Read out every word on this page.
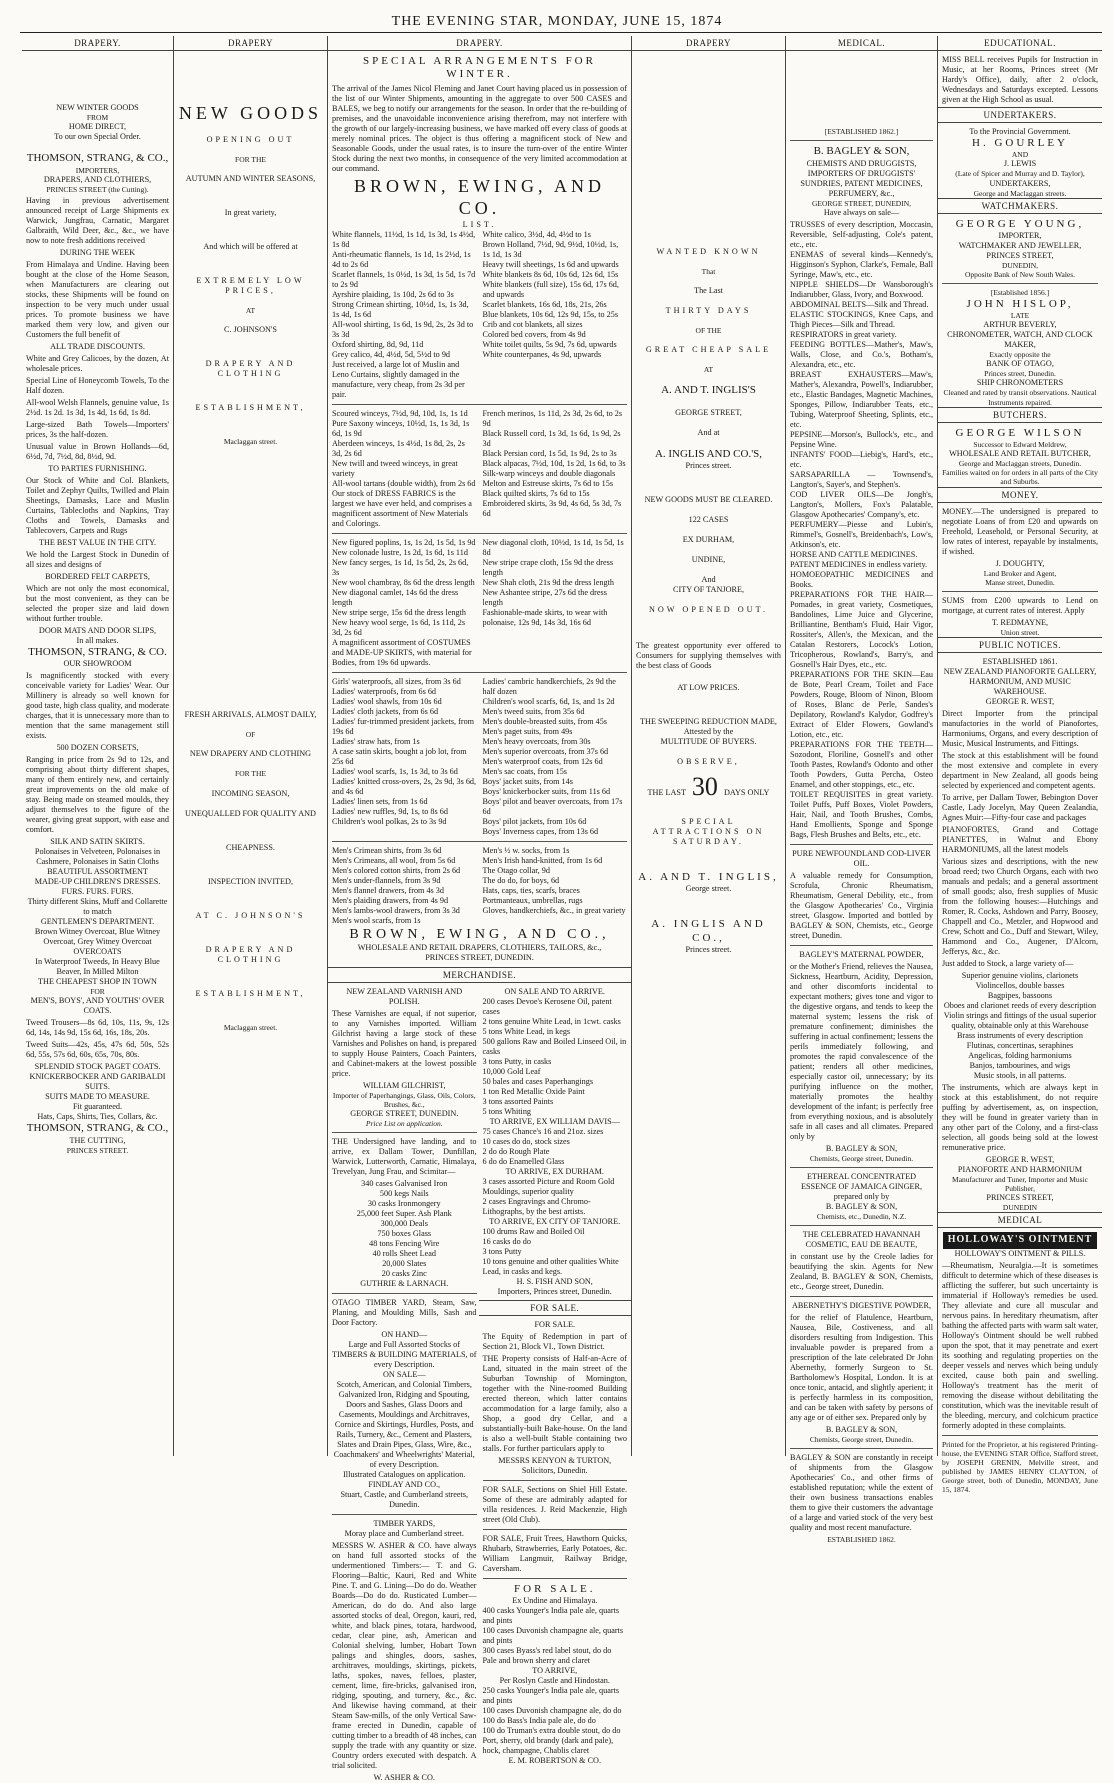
THE EVENING STAR, MONDAY, JUNE 15, 1874
DRAPERY.
NEW WINTER GOODS
FROM
HOME DIRECT,
To our own Special Order.
THOMSON, STRANG, & CO.,
IMPORTERS,
DRAPERS, AND CLOTHIERS,
PRINCES STREET (the Cutting).
Having in previous advertisement announced receipt of Large Shipments ex Warwick, Jungfrau, Carnatic, Margaret Galbraith, Wild Deer, &c., &c., we have now to note fresh additions received
DURING THE WEEK
From Himalaya and Undine. Having been bought at the close of the Home Season, when Manufacturers are clearing out stocks, these Shipments will be found on inspection to be very much under usual prices. To promote business we have marked them very low, and given our Customers the full benefit of
ALL TRADE DISCOUNTS.
White and Grey Calicoes, by the dozen, At wholesale prices.
Special Line of Honeycomb Towels, To the Half dozen.
All-wool Welsh Flannels, genuine value, 1s 2½d. 1s 2d. 1s 3d, 1s 4d, 1s 6d, 1s 8d.
Large-sized Bath Towels—Importers' prices, 3s the half-dozen.
Unusual value in Brown Hollands—6d, 6½d, 7d, 7½d, 8d, 8½d, 9d.
TO PARTIES FURNISHING.
Our Stock of White and Col. Blankets, Toilet and Zephyr Quilts, Twilled and Plain Sheetings, Damasks, Lace and Muslin Curtains, Tablecloths and Napkins, Tray Cloths and Towels, Damasks and Tablecovers, Carpets and Rugs
THE BEST VALUE IN THE CITY.
We hold the Largest Stock in Dunedin of all sizes and designs of
BORDERED FELT CARPETS,
Which are not only the most economical, but the most convenient, as they can be selected the proper size and laid down without further trouble.
DOOR MATS AND DOOR SLIPS,
In all makes.
THOMSON, STRANG, & CO.
OUR SHOWROOM
Is magnificently stocked with every conceivable variety for Ladies' Wear. Our Millinery is already so well known for good taste, high class quality, and moderate charges, that it is unnecessary more than to mention that the same management still exists.
500 DOZEN CORSETS,
Ranging in price from 2s 9d to 12s, and comprising about thirty different shapes, many of them entirely new, and certainly great improvements on the old make of stay. Being made on steamed moulds, they adjust themselves to the figure of the wearer, giving great support, with ease and comfort.
SILK AND SATIN SKIRTS.
Polonaises in Velveteen, Polonaises in Cashmere, Polonaises in Satin Cloths
BEAUTIFUL ASSORTMENT
MADE-UP CHILDREN'S DRESSES.
FURS. FURS. FURS.
Thirty different Skins, Muff and Collarette to match
GENTLEMEN'S DEPARTMENT.
Brown Witney Overcoat, Blue Witney Overcoat, Grey Witney Overcoat
OVERCOATS
In Waterproof Tweeds, In Heavy Blue Beaver, In Milled Milton
THE CHEAPEST SHOP IN TOWN
FOR
MEN'S, BOYS', AND YOUTHS' OVER COATS.
Tweed Trousers—8s 6d, 10s, 11s, 9s, 12s 6d, 14s, 14s 9d, 15s 6d, 16s, 18s, 20s.
Tweed Suits—42s, 45s, 47s 6d, 50s, 52s 6d, 55s, 57s 6d, 60s, 65s, 70s, 80s.
SPLENDID STOCK PAGET COATS.
KNICKERBOCKER AND GARIBALDI SUITS.
SUITS MADE TO MEASURE.
Fit guaranteed.
Hats, Caps, Shirts, Ties, Collars, &c.
THOMSON, STRANG, & CO.,
THE CUTTING,
PRINCES STREET.
DRAPERY
NEW GOODS
OPENING OUT
FOR THE
AUTUMN AND WINTER SEASONS,
In great variety,
And which will be offered at
EXTREMELY LOW PRICES,
AT
C. JOHNSON'S
DRAPERY AND CLOTHING
ESTABLISHMENT,
Maclaggan street.
FRESH ARRIVALS, ALMOST DAILY,
OF
NEW DRAPERY AND CLOTHING
FOR THE
INCOMING SEASON,
UNEQUALLED FOR QUALITY AND
CHEAPNESS.
INSPECTION INVITED,
AT C. JOHNSON'S
DRAPERY AND CLOTHING
ESTABLISHMENT,
Maclaggan street.
DRAPERY.
SPECIAL ARRANGEMENTS FOR WINTER.
The arrival of the James Nicol Fleming and Janet Court having placed us in possession of the list of our Winter Shipments, amounting in the aggregate to over 500 CASES and BALES, we beg to notify our arrangements for the season. In order that the re-building of premises, and the unavoidable inconvenience arising therefrom, may not interfere with the growth of our largely-increasing business, we have marked off every class of goods at merely nominal prices. The object is thus offering a magnificent stock of New and Seasonable Goods, under the usual rates, is to insure the turn-over of the entire Winter Stock during the next two months, in consequence of the very limited accommodation at our command.
BROWN, EWING, AND CO.
LIST.
White flannels, 11½d, 1s 1d, 1s 3d, 1s 4½d, 1s 8d
Anti-rheumatic flannels, 1s 1d, 1s 2½d, 1s 4d to 2s 6d
Scarlet flannels, 1s 0½d, 1s 3d, 1s 5d, 1s 7d to 2s 9d
Ayrshire plaiding, 1s 10d, 2s 6d to 3s
Strong Crimean shirting, 10½d, 1s, 1s 3d, 1s 4d, 1s 6d
All-wool shirting, 1s 6d, 1s 9d, 2s, 2s 3d to 3s 3d
Oxford shirting, 8d, 9d, 11d
Grey calico, 4d, 4½d, 5d, 5½d to 9d
Just received, a large lot of Muslin and Leno Curtains, slightly damaged in the manufacture, very cheap, from 2s 3d per pair.
White calico, 3½d, 4d, 4½d to 1s
Brown Holland, 7½d, 9d, 9½d, 10½d, 1s, 1s 1d, 1s 3d
Heavy twill sheetings, 1s 6d and upwards
White blankets 8s 6d, 10s 6d, 12s 6d, 15s
White blankets (full size), 15s 6d, 17s 6d, and upwards
Scarlet blankets, 16s 6d, 18s, 21s, 26s
Blue blankets, 10s 6d, 12s 9d, 15s, to 25s
Crib and cot blankets, all sizes
Colored bed covers, from 4s 9d
White toilet quilts, 5s 9d, 7s 6d, upwards
White counterpanes, 4s 9d, upwards
Scoured winceys, 7½d, 9d, 10d, 1s, 1s 1d
Pure Saxony winceys, 10½d, 1s, 1s 3d, 1s 6d, 1s 9d
Aberdeen winceys, 1s 4½d, 1s 8d, 2s, 2s 3d, 2s 6d
New twill and tweed winceys, in great variety
All-wool tartans (double width), from 2s 6d
Our stock of DRESS FABRICS is the largest we have ever held, and comprises a magnificent assortment of New Materials and Colorings.
French merinos, 1s 11d, 2s 3d, 2s 6d, to 2s 9d
Black Russell cord, 1s 3d, 1s 6d, 1s 9d, 2s 3d
Black Persian cord, 1s 5d, 1s 9d, 2s to 3s
Black alpacas, 7½d, 10d, 1s 2d, 1s 6d, to 3s
Silk-warp winceys and double diagonals
Melton and Estreuse skirts, 7s 6d to 15s
Black quilted skirts, 7s 6d to 15s
Embroidered skirts, 3s 9d, 4s 6d, 5s 3d, 7s 6d
New figured poplins, 1s, 1s 2d, 1s 5d, 1s 9d
New colonade lustre, 1s 2d, 1s 6d, 1s 11d
New fancy serges, 1s 1d, 1s 5d, 2s, 2s 6d, 3s
New wool chambray, 8s 6d the dress length
New diagonal camlet, 14s 6d the dress length
New stripe serge, 15s 6d the dress length
New heavy wool serge, 1s 6d, 1s 11d, 2s 3d, 2s 6d
A magnificent assortment of COSTUMES and MADE-UP SKIRTS, with material for Bodies, from 19s 6d upwards.
New diagonal cloth, 10½d, 1s 1d, 1s 5d, 1s 8d
New stripe crape cloth, 15s 9d the dress length
New Shah cloth, 21s 9d the dress length
New Ashantee stripe, 27s 6d the dress length
Fashionable-made skirts, to wear with polonaise, 12s 9d, 14s 3d, 16s 6d
Girls' waterproofs, all sizes, from 3s 6d
Ladies' waterproofs, from 6s 6d
Ladies' wool shawls, from 10s 6d
Ladies' cloth jackets, from 6s 6d
Ladies' fur-trimmed president jackets, from 19s 6d
Ladies' straw hats, from 1s
A case satin skirts, bought a job lot, from 25s 6d
Ladies' wool scarfs, 1s, 1s 3d, to 3s 6d
Ladies' knitted cross-overs, 2s, 2s 9d, 3s 6d, and 4s 6d
Ladies' linen sets, from 1s 6d
Ladies' new ruffles, 9d, 1s, to 8s 6d
Children's wool polkas, 2s to 3s 9d
Ladies' cambric handkerchiefs, 2s 9d the half dozen
Children's wool scarfs, 6d, 1s, and 1s 2d
Men's tweed suits, from 35s 6d
Men's double-breasted suits, from 45s
Men's paget suits, from 49s
Men's heavy overcoats, from 30s
Men's superior overcoats, from 37s 6d
Men's waterproof coats, from 12s 6d
Men's sac coats, from 15s
Boys' jacket suits, from 14s
Boys' knickerbocker suits, from 11s 6d
Boys' pilot and beaver overcoats, from 17s 6d
Boys' pilot jackets, from 10s 6d
Boys' Inverness capes, from 13s 6d
Men's Crimean shirts, from 3s 6d
Men's Crimeans, all wool, from 5s 6d
Men's colored cotton shirts, from 2s 6d
Men's under-flannels, from 3s 9d
Men's flannel drawers, from 4s 3d
Men's plaiding drawers, from 4s 9d
Men's lambs-wool drawers, from 3s 3d
Men's wool scarfs, from 1s
Men's ½ w. socks, from 1s
Men's Irish hand-knitted, from 1s 6d
The Otago collar, 9d
The do do, for boys, 6d
Hats, caps, ties, scarfs, braces
Portmanteaux, umbrellas, rugs
Gloves, handkerchiefs, &c., in great variety
BROWN, EWING, AND CO.,
WHOLESALE AND RETAIL DRAPERS, CLOTHIERS, TAILORS, &c.,
PRINCES STREET, DUNEDIN.
MERCHANDISE.
NEW ZEALAND VARNISH AND POLISH.
These Varnishes are equal, if not superior, to any Varnishes imported. William Gilchrist having a large stock of these Varnishes and Polishes on hand, is prepared to supply House Painters, Coach Painters, and Cabinet-makers at the lowest possible price.
WILLIAM GILCHRIST,
Importer of Paperhangings, Glass, Oils, Colors, Brushes, &c.,
GEORGE STREET, DUNEDIN.
Price List on application.
THE Undersigned have landing, and to arrive, ex Dallam Tower, Dunfillan, Warwick, Lutterworth, Carnatic, Himalaya, Trevelyan, Jung Frau, and Scimitar—
340 cases Galvanised Iron
500 kegs Nails
30 casks Ironmongery
25,000 feet Super. Ash Plank
300,000 Deals
750 boxes Glass
48 tons Fencing Wire
40 rolls Sheet Lead
20,000 Slates
20 casks Zinc
GUTHRIE & LARNACH.
OTAGO TIMBER YARD, Steam, Saw, Planing, and Moulding Mills, Sash and Door Factory.
ON HAND—
Large and Full Assorted Stocks of TIMBERS & BUILDING MATERIALS, of every Description.
ON SALE—
Scotch, American, and Colonial Timbers, Galvanized Iron, Ridging and Spouting, Doors and Sashes, Glass Doors and Casements, Mouldings and Architraves, Cornice and Skirtings, Hurdles, Posts, and Rails, Turnery, &c., Cement and Plasters, Slates and Drain Pipes, Glass, Wire, &c., Coachmakers' and Wheelwrights' Material, of every Description.
Illustrated Catalogues on application.
FINDLAY AND CO.,
Stuart, Castle, and Cumberland streets, Dunedin.
TIMBER YARDS,
Moray place and Cumberland street.
MESSRS W. ASHER & CO. have always on hand full assorted stocks of the undermentioned Timbers:— T. and G. Flooring—Baltic, Kauri, Red and White Pine. T. and G. Lining—Do do do. Weather Boards—Do do do. Rusticated Lumber—American, do do do. And also large assorted stocks of deal, Oregon, kauri, red, white, and black pines, totara, hardwood, cedar, clear pine, ash, American and Colonial shelving, lumber, Hobart Town palings and shingles, doors, sashes, architraves, mouldings, skirtings, pickets, laths, spokes, naves, felloes, plaster, cement, lime, fire-bricks, galvanised iron, ridging, spouting, and turnery, &c., &c. And likewise having command, at their Steam Saw-mills, of the only Vertical Saw-frame erected in Dunedin, capable of cutting timber to a breadth of 48 inches, can supply the trade with any quantity or size. Country orders executed with despatch. A trial solicited.
W. ASHER & CO.
ON SALE AND TO ARRIVE.
200 cases Devoe's Kerosene Oil, patent cases
2 tons genuine White Lead, in 1cwt. casks
5 tons White Lead, in kegs
500 gallons Raw and Boiled Linseed Oil, in casks
3 tons Putty, in casks
10,000 Gold Leaf
50 bales and cases Paperhangings
1 ton Red Metallic Oxide Paint
3 tons assorted Paints
5 tons Whiting
TO ARRIVE, EX WILLIAM DAVIS—
75 cases Chance's 16 and 21oz. sizes
10 cases do do, stock sizes
2 do do Rough Plate
6 do do Enamelled Glass
TO ARRIVE, EX DURHAM.
3 cases assorted Picture and Room Gold Mouldings, superior quality
2 cases Engravings and Chromo-Lithographs, by the best artists.
TO ARRIVE, EX CITY OF TANJORE.
100 drums Raw and Boiled Oil
16 casks do do
3 tons Putty
10 tons genuine and other qualities White Lead, in casks and kegs.
H. S. FISH AND SON,
Importers, Princes street, Dunedin.
FOR SALE.
FOR SALE.
The Equity of Redemption in part of Section 21, Block VI., Town District.
THE Property consists of Half-an-Acre of Land, situated in the main street of the Suburban Township of Mornington, together with the Nine-roomed Building erected thereon, which latter contains accommodation for a large family, also a Shop, a good dry Cellar, and a substantially-built Bake-house. On the land is also a well-built Stable containing two stalls. For further particulars apply to
MESSRS KENYON & TURTON,
Solicitors, Dunedin.
FOR SALE, Sections on Shiel Hill Estate. Some of these are admirably adapted for villa residences. J. Reid Mackenzie, High street (Old Club).
FOR SALE, Fruit Trees, Hawthorn Quicks, Rhubarb, Strawberries, Early Potatoes, &c. William Langmuir, Railway Bridge, Caversham.
FOR SALE.
Ex Undine and Himalaya.
400 casks Younger's India pale ale, quarts and pints
100 cases Duvonish champagne ale, quarts and pints
300 cases Byass's red label stout, do do
Pale and brown sherry and claret
TO ARRIVE,
Per Roslyn Castle and Hindostan.
250 casks Younger's India pale ale, quarts and pints
100 cases Duvonish champagne ale, do do
100 do Bass's India pale ale, do do
100 do Truman's extra double stout, do do
Port, sherry, old brandy (dark and pale), hock, champagne, Chablis claret
E. M. ROBERTSON & CO.
DRAPERY
WANTED KNOWN
That
The Last
THIRTY DAYS
OF THE
GREAT CHEAP SALE
AT
A. AND T. INGLIS'S
GEORGE STREET,
And at
A. INGLIS AND CO.'S,
Princes street.
NEW GOODS MUST BE CLEARED.
122 CASES
EX DURHAM,
UNDINE,
And
CITY OF TANJORE,
NOW OPENED OUT.
The greatest opportunity ever offered to Consumers for supplying themselves with the best class of Goods
AT LOW PRICES.
THE SWEEPING REDUCTION MADE,
Attested by the
MULTITUDE OF BUYERS.
OBSERVE,
THE LAST 30 DAYS ONLY
SPECIAL ATTRACTIONS ON SATURDAY.
A. AND T. INGLIS,
George street.
A. INGLIS AND CO.,
Princes street.
MEDICAL.
[ESTABLISHED 1862.]
B. BAGLEY & SON,
CHEMISTS AND DRUGGISTS,
IMPORTERS OF DRUGGISTS' SUNDRIES, PATENT MEDICINES,
PERFUMERY, &c.,
GEORGE STREET, DUNEDIN,
Have always on sale—
TRUSSES of every description, Moccasin, Reversible, Self-adjusting, Cole's patent, etc., etc.
ENEMAS of several kinds—Kennedy's, Higginson's Syphon, Clarke's, Female, Ball Syringe, Maw's, etc., etc.
NIPPLE SHIELDS—Dr Wansborough's Indiarubber, Glass, Ivory, and Boxwood.
ABDOMINAL BELTS—Silk and Thread.
ELASTIC STOCKINGS, Knee Caps, and Thigh Pieces—Silk and Thread.
RESPIRATORS in great variety.
FEEDING BOTTLES—Mather's, Maw's, Walls, Close, and Co.'s, Botham's, Alexandra, etc., etc.
BREAST EXHAUSTERS—Maw's, Mather's, Alexandra, Powell's, Indiarubber, etc., Elastic Bandages, Magnetic Machines, Sponges, Pillow, Indiarubber Teats, etc., Tubing, Waterproof Sheeting, Splints, etc., etc.
PEPSINE—Morson's, Bullock's, etc., and Pepsine Wine.
INFANTS' FOOD—Liebig's, Hard's, etc., etc.
SARSAPARILLA — Townsend's, Langton's, Sayer's, and Stephen's.
COD LIVER OILS—De Jongh's, Langton's, Mollers, Fox's Palatable, Glasgow Apothecaries' Company's, etc.
PERFUMERY—Piesse and Lubin's, Rimmel's, Gosnell's, Breidenbach's, Low's, Atkinson's, etc.
HORSE AND CATTLE MEDICINES.
PATENT MEDICINES in endless variety.
HOMOEOPATHIC MEDICINES and Books.
PREPARATIONS FOR THE HAIR—Pomades, in great variety, Cosmetiques, Bandolines, Lime Juice and Glycerine, Brilliantine, Bentham's Fluid, Hair Vigor, Rossiter's, Allen's, the Mexican, and the Catalan Restorers, Locock's Lotion, Tricopherous, Rowland's, Barry's, and Gosnell's Hair Dyes, etc., etc.
PREPARATIONS FOR THE SKIN—Eau de Bote, Pearl Cream, Toilet and Face Powders, Rouge, Bloom of Ninon, Bloom of Roses, Blanc de Perle, Sandes's Depilatory, Rowland's Kalydor, Godfrey's Extract of Elder Flowers, Gowland's Lotion, etc., etc.
PREPARATIONS FOR THE TEETH—Sozodont, Floriline, Gosnell's and other Tooth Pastes, Rowland's Odonto and other Tooth Powders, Gutta Percha, Osteo Enamel, and other stoppings, etc., etc.
TOILET REQUISITES in great variety. Toilet Puffs, Puff Boxes, Violet Powders, Hair, Nail, and Tooth Brushes, Combs, Hand Emollients, Sponge and Sponge Bags, Flesh Brushes and Belts, etc., etc.
PURE NEWFOUNDLAND COD-LIVER OIL.
A valuable remedy for Consumption, Scrofula, Chronic Rheumatism, Rheumatism, General Debility, etc., from the Glasgow Apothecaries' Co., Virginia street, Glasgow. Imported and bottled by BAGLEY & SON, Chemists, etc., George street, Dunedin.
BAGLEY'S MATERNAL POWDER,
or the Mother's Friend, relieves the Nausea, Sickness, Heartburn, Acidity, Depression, and other discomforts incidental to expectant mothers; gives tone and vigor to the digestive organs, and tends to keep the maternal system; lessens the risk of premature confinement; diminishes the suffering in actual confinement; lessens the perils immediately following, and promotes the rapid convalescence of the patient; renders all other medicines, especially castor oil, unnecessary; by its purifying influence on the mother, materially promotes the healthy development of the infant; is perfectly free from everything noxious, and is absolutely safe in all cases and all climates. Prepared only by
B. BAGLEY & SON,
Chemists, George street, Dunedin.
ETHEREAL CONCENTRATED ESSENCE OF JAMAICA GINGER,
prepared only by
B. BAGLEY & SON,
Chemists, etc., Dunedin, N.Z.
THE CELEBRATED HAVANNAH COSMETIC, EAU DE BEAUTE,
in constant use by the Creole ladies for beautifying the skin. Agents for New Zealand, B. BAGLEY & SON, Chemists, etc., George street, Dunedin.
ABERNETHY'S DIGESTIVE POWDER,
for the relief of Flatulence, Heartburn, Nausea, Bile, Costiveness, and all disorders resulting from Indigestion. This invaluable powder is prepared from a prescription of the late celebrated Dr John Abernethy, formerly Surgeon to St. Bartholomew's Hospital, London. It is at once tonic, antacid, and slightly aperient; it is perfectly harmless in its composition, and can be taken with safety by persons of any age or of either sex. Prepared only by
B. BAGLEY & SON,
Chemists, George street, Dunedin.
BAGLEY & SON are constantly in receipt of shipments from the Glasgow Apothecaries' Co., and other firms of established reputation; while the extent of their own business transactions enables them to give their customers the advantage of a large and varied stock of the very best quality and most recent manufacture.
ESTABLISHED 1862.
EDUCATIONAL.
MISS BELL receives Pupils for Instruction in Music, at her Rooms, Princes street (Mr Hardy's Office), daily, after 2 o'clock, Wednesdays and Saturdays excepted. Lessons given at the High School as usual.
UNDERTAKERS.
To the Provincial Government.
H. GOURLEY
AND
J. LEWIS
(Late of Spicer and Murray and D. Taylor),
UNDERTAKERS,
George and Maclaggan streets.
WATCHMAKERS.
GEORGE YOUNG,
IMPORTER,
WATCHMAKER AND JEWELLER,
PRINCES STREET,
DUNEDIN,
Opposite Bank of New South Wales.
[Established 1856.]
JOHN HISLOP,
LATE
ARTHUR BEVERLY,
CHRONOMETER, WATCH, AND CLOCK MAKER,
Exactly opposite the
BANK OF OTAGO,
Princes street, Dunedin.
SHIP CHRONOMETERS
Cleaned and rated by transit observations. Nautical Instruments repaired.
BUTCHERS.
GEORGE WILSON
Successor to Edward Meldrew,
WHOLESALE AND RETAIL BUTCHER,
George and Maclaggan streets, Dunedin.
Families waited on for orders in all parts of the City and Suburbs.
MONEY.
MONEY.—The undersigned is prepared to negotiate Loans of from £20 and upwards on Freehold, Leasehold, or Personal Security, at low rates of interest, repayable by instalments, if wished.
J. DOUGHTY,
Land Broker and Agent,
Manse street, Dunedin.
SUMS from £200 upwards to Lend on mortgage, at current rates of interest. Apply
T. REDMAYNE,
Union street.
PUBLIC NOTICES.
ESTABLISHED 1861.
NEW ZEALAND PIANOFORTE GALLERY, HARMONIUM, AND MUSIC WAREHOUSE.
GEORGE R. WEST,
Direct Importer from the principal manufactories in the world of Pianofortes, Harmoniums, Organs, and every description of Music, Musical Instruments, and Fittings.
The stock at this establishment will be found the most extensive and complete in every department in New Zealand, all goods being selected by experienced and competent agents.
To arrive, per Dallam Tower, Bebington Dover Castle, Lady Jocelyn, May Queen Zealandia, Agnes Muir:—Fifty-four case and packages
PIANOFORTES, Grand and Cottage PIANETTES, in Walnut and Ebony HARMONIUMS, all the latest models
Various sizes and descriptions, with the new broad reed; two Church Organs, each with two manuals and pedals; and a general assortment of small goods; also, fresh supplies of Music from the following houses:—Hutchings and Romer, R. Cocks, Ashdown and Parry, Boosey, Chappell and Co., Metzler, and Hopwood and Crew, Schott and Co., Duff and Stewart, Wiley, Hammond and Co., Augener, D'Alcorn, Jefferys, &c., &c.
Just added to Stock, a large variety of—
Superior genuine violins, clarionets
Violincellos, double basses
Bagpipes, bassoons
Oboes and clarionet reeds of every description
Violin strings and fittings of the usual superior quality, obtainable only at this Warehouse
Brass instruments of every description
Flutinas, concertinas, seraphines
Angelicas, folding harmoniums
Banjos, tambourines, and wigs
Music stools, in all patterns.
The instruments, which are always kept in stock at this establishment, do not require puffing by advertisement, as, on inspection, they will be found in greater variety than in any other part of the Colony, and a first-class selection, all goods being sold at the lowest remunerative price.
GEORGE R. WEST,
PIANOFORTE AND HARMONIUM
Manufacturer and Tuner, Importer and Music Publisher,
PRINCES STREET,
DUNEDIN
MEDICAL
HOLLOWAY'S OINTMENT
HOLLOWAY'S OINTMENT & PILLS.
—Rheumatism, Neuralgia.—It is sometimes difficult to determine which of these diseases is afflicting the sufferer, but such uncertainty is immaterial if Holloway's remedies be used. They alleviate and cure all muscular and nervous pains. In hereditary rheumatism, after bathing the affected parts with warm salt water, Holloway's Ointment should be well rubbed upon the spot, that it may penetrate and exert its soothing and regulating properties on the deeper vessels and nerves which being unduly excited, cause both pain and swelling. Holloway's treatment has the merit of removing the disease without debilitating the constitution, which was the inevitable result of the bleeding, mercury, and colchicum practice formerly adopted in these complaints.
Printed for the Proprietor, at his registered Printing-house, the EVENING STAR Office, Stafford street, by JOSEPH GRENIN, Melville street, and published by JAMES HENRY CLAYTON, of George street, both of Dunedin, MONDAY, June 15, 1874.
